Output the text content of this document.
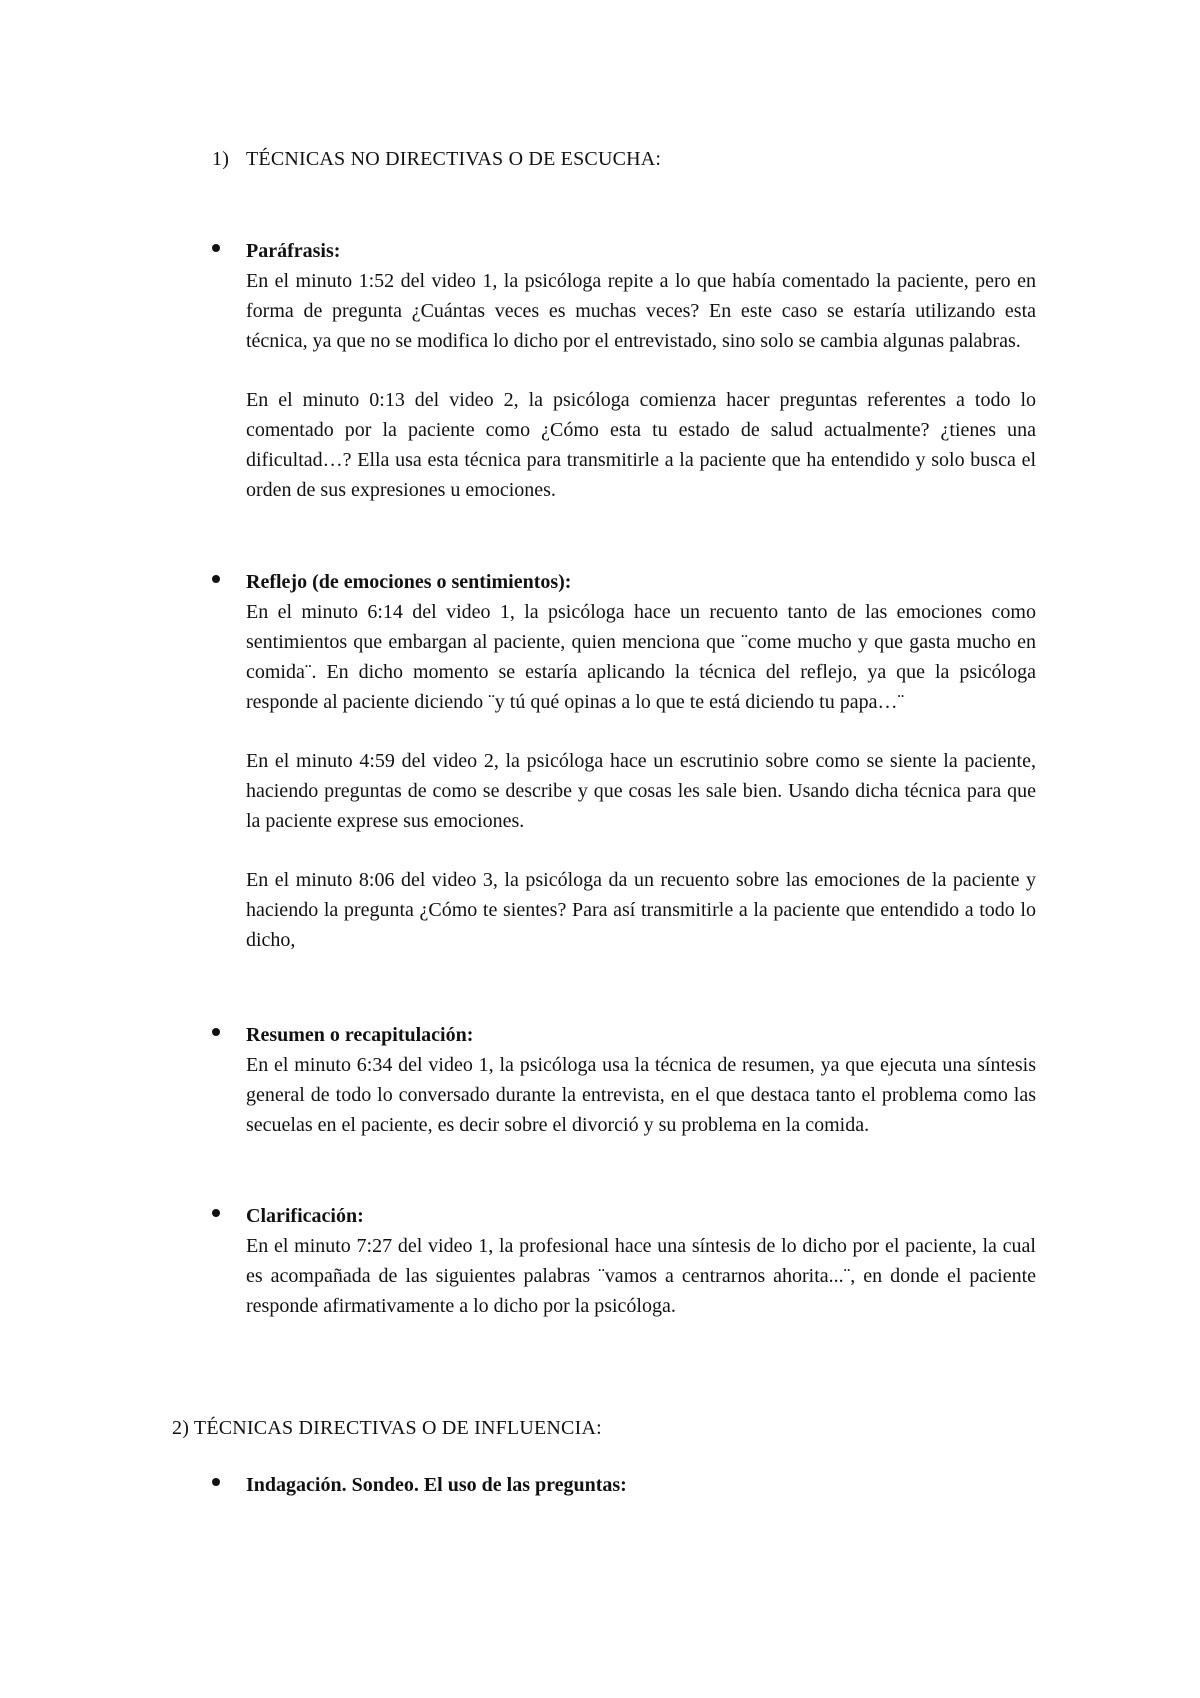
1) TÉCNICAS NO DIRECTIVAS O DE ESCUCHA:

Paráfrasis:

En el minuto 1:52 del video 1, la psicóloga repite a lo que había comentado la paciente, pero en forma de pregunta ¿Cuántas veces es muchas veces? En este caso se estaría utilizando esta técnica, ya que no se modifica lo dicho por el entrevistado, sino solo se cambia algunas palabras.

En el minuto 0:13 del video 2, la psicóloga comienza hacer preguntas referentes a todo lo comentado por la paciente como ¿Cómo esta tu estado de salud actualmente? ¿tienes una dificultad…? Ella usa esta técnica para transmitirle a la paciente que ha entendido y solo busca el orden de sus expresiones u emociones.

Reflejo (de emociones o sentimientos):

En el minuto 6:14 del video 1, la psicóloga hace un recuento tanto de las emociones como sentimientos que embargan al paciente, quien menciona que ¨come mucho y que gasta mucho en comida¨. En dicho momento se estaría aplicando la técnica del reflejo, ya que la psicóloga responde al paciente diciendo ¨y tú qué opinas a lo que te está diciendo tu papa…¨

En el minuto 4:59 del video 2, la psicóloga hace un escrutinio sobre como se siente la paciente, haciendo preguntas de como se describe y que cosas les sale bien. Usando dicha técnica para que la paciente exprese sus emociones.

En el minuto 8:06 del video 3, la psicóloga da un recuento sobre las emociones de la paciente y haciendo la pregunta ¿Cómo te sientes? Para así transmitirle a la paciente que entendido a todo lo dicho,

Resumen o recapitulación:

En el minuto 6:34 del video 1, la psicóloga usa la técnica de resumen, ya que ejecuta una síntesis general de todo lo conversado durante la entrevista, en el que destaca tanto el problema como las secuelas en el paciente, es decir sobre el divorció y su problema en la comida.

Clarificación:

En el minuto 7:27 del video 1, la profesional hace una síntesis de lo dicho por el paciente, la cual es acompañada de las siguientes palabras ¨vamos a centrarnos ahorita...¨, en donde el paciente responde afirmativamente a lo dicho por la psicóloga.

2) TÉCNICAS DIRECTIVAS O DE INFLUENCIA:

Indagación. Sondeo. El uso de las preguntas:
